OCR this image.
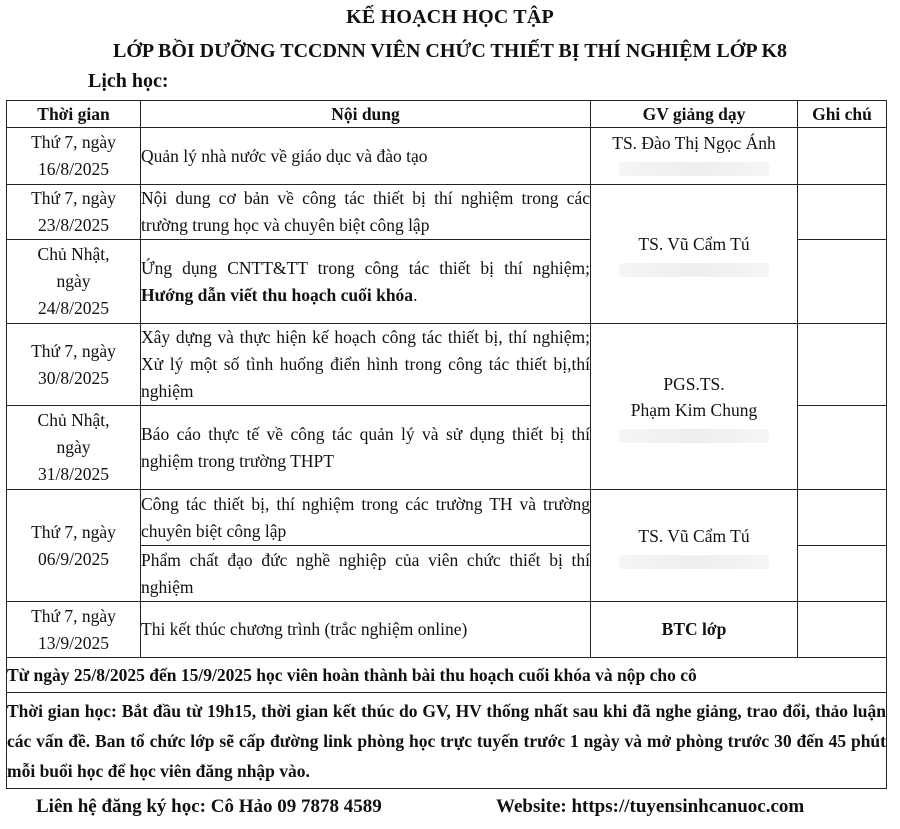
KẾ HOẠCH HỌC TẬP
LỚP BỒI DƯỠNG TCCDNN VIÊN CHỨC THIẾT BỊ THÍ NGHIỆM LỚP K8
Lịch học:
Thời gian	Nội dung	GV giảng dạy	Ghi chú
Thứ 7, ngày
16/8/2025	Quản lý nhà nước về giáo dục và đào tạo	TS. Đào Thị Ngọc Ánh

Thứ 7, ngày
23/8/2025	Nội dung cơ bản về công tác thiết bị thí nghiệm trong các trường trung học và chuyên biệt công lập	TS. Vũ Cẩm Tú

Chủ Nhật,
ngày
24/8/2025	Ứng dụng CNTT&TT trong công tác thiết bị thí nghiệm; Hướng dẫn viết thu hoạch cuối khóa.		
Thứ 7, ngày
30/8/2025	Xây dựng và thực hiện kế hoạch công tác thiết bị, thí nghiệm; Xử lý một số tình huống điển hình trong công tác thiết bị,thí nghiệm	PGS.TS.
Phạm Kim Chung

Chủ Nhật,
ngày
31/8/2025	Báo cáo thực tế về công tác quản lý và sử dụng thiết bị thí nghiệm trong trường THPT		
Thứ 7, ngày
06/9/2025	Công tác thiết bị, thí nghiệm trong các trường TH và trường chuyên biệt công lập	TS. Vũ Cẩm Tú

	Phẩm chất đạo đức nghề nghiệp của viên chức thiết bị thí nghiệm		
Thứ 7, ngày
13/9/2025	Thi kết thúc chương trình (trắc nghiệm online)	BTC lớp	
Từ ngày 25/8/2025 đến 15/9/2025 học viên hoàn thành bài thu hoạch cuối khóa và nộp cho cô			
Thời gian học: Bắt đầu từ 19h15, thời gian kết thúc do GV, HV thống nhất sau khi đã nghe giảng, trao đổi, thảo luận các vấn đề. Ban tổ chức lớp sẽ cấp đường link phòng học trực tuyến trước 1 ngày và mở phòng trước 30 đến 45 phút mỗi buổi học để học viên đăng nhập vào.			
Liên hệ đăng ký học: Cô Hảo 09 7878 4589	Website: https://tuyensinhcanuoc.com
